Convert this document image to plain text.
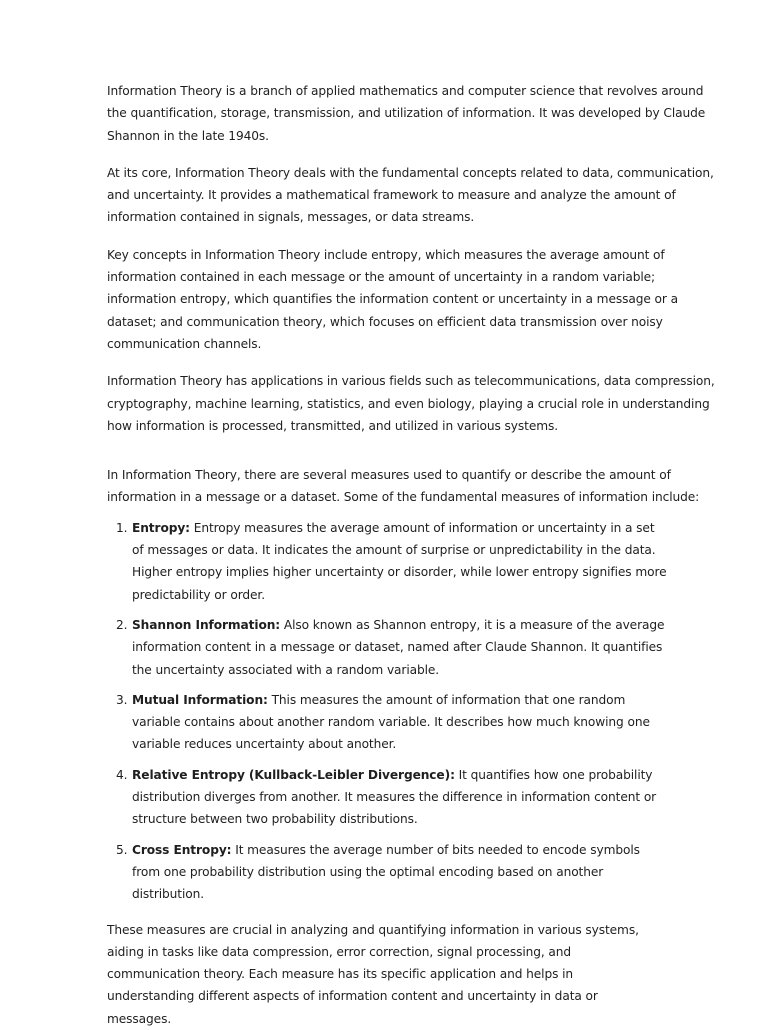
Information Theory is a branch of applied mathematics and computer science that revolves around the quantification, storage, transmission, and utilization of information. It was developed by Claude Shannon in the late 1940s.

At its core, Information Theory deals with the fundamental concepts related to data, communication, and uncertainty. It provides a mathematical framework to measure and analyze the amount of information contained in signals, messages, or data streams.

Key concepts in Information Theory include entropy, which measures the average amount of information contained in each message or the amount of uncertainty in a random variable; information entropy, which quantifies the information content or uncertainty in a message or a dataset; and communication theory, which focuses on efficient data transmission over noisy communication channels.

Information Theory has applications in various fields such as telecommunications, data compression, cryptography, machine learning, statistics, and even biology, playing a crucial role in understanding how information is processed, transmitted, and utilized in various systems.

In Information Theory, there are several measures used to quantify or describe the amount of information in a message or a dataset. Some of the fundamental measures of information include:

1. Entropy: Entropy measures the average amount of information or uncertainty in a set of messages or data. It indicates the amount of surprise or unpredictability in the data. Higher entropy implies higher uncertainty or disorder, while lower entropy signifies more predictability or order.
2. Shannon Information: Also known as Shannon entropy, it is a measure of the average information content in a message or dataset, named after Claude Shannon. It quantifies the uncertainty associated with a random variable.
3. Mutual Information: This measures the amount of information that one random variable contains about another random variable. It describes how much knowing one variable reduces uncertainty about another.
4. Relative Entropy (Kullback-Leibler Divergence): It quantifies how one probability distribution diverges from another. It measures the difference in information content or structure between two probability distributions.
5. Cross Entropy: It measures the average number of bits needed to encode symbols from one probability distribution using the optimal encoding based on another distribution.

These measures are crucial in analyzing and quantifying information in various systems, aiding in tasks like data compression, error correction, signal processing, and communication theory. Each measure has its specific application and helps in understanding different aspects of information content and uncertainty in data or messages.
